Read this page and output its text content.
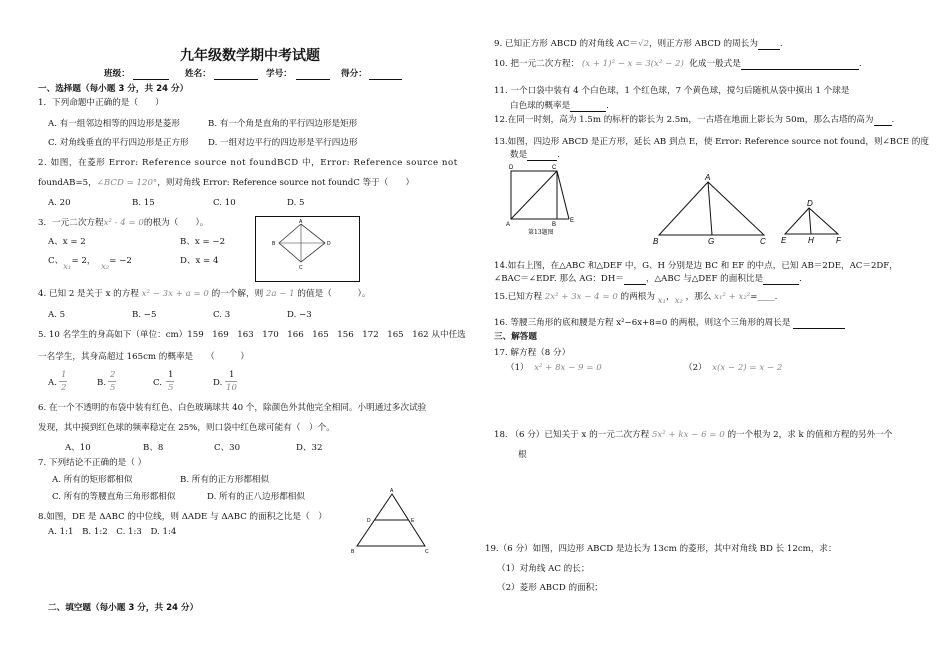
九年级数学期中考试题
班级：	姓名：	学号：	得分：
一、选择题（每小题 3 分，共 24 分）
1．下列命题中正确的是（　　）
A. 有一组邻边相等的四边形是菱形	B. 有一个角是直角的平行四边形是矩形
C. 对角线垂直的平行四边形是正方形 D. 一组对边平行的四边形是平行四边形
2. 如图，在菱形 Error: Reference source not foundBCD 中，Error: Reference source not
foundAB=5，∠BCD = 120°，则对角线 Error: Reference source not foundC 等于（　　）
A. 20	B. 15	C. 10	D. 5
3．一元二次方程x² - 4 = 0的根为（　　）。
A、x = 2	B、x = −2
C、x₁= 2，  x₂= −2	D、x = 4
A
B
C
D
4. 已知 2 是关于 x 的方程 x² − 3x + a = 0 的一个解，则 2a − 1 的值是（　　　）。
A. 5	B. −5	C. 3	D. −3
5. 10 名学生的身高如下（单位：cm）159　169　163　170　166　165　156　172　165　162 从中任选
一名学生，其身高超过 165cm 的概率是　　（　　　）
A.
1
2	B.
2
5	C.
1
5	D.
1
10
6. 在一个不透明的布袋中装有红色、白色玻璃球共 40 个，除颜色外其他完全相同。小明通过多次试验
发现，其中摸到红色球的频率稳定在 25%，则口袋中红色球可能有（　）个。
A、10	B、8	C、30	D、32
7. 下列结论不正确的是（ ）
A. 所有的矩形都相似	B. 所有的正方形都相似
C. 所有的等腰直角三角形都相似	D. 所有的正八边形都相似
8.如图，DE 是 ΔABC 的中位线，则 ΔADE 与 ΔABC 的面积之比是（　）
A. 1:1　B. 1:2　C. 1:3　D. 1:4
A
D	E
B	C
二、填空题（每小题 3 分，共 24 分）
9. 已知正方形 ABCD 的对角线 AC＝√2，则正方形 ABCD 的周长为	.
10. 把一元二次方程： (x + 1)² − x = 3(x² − 2) 化成一般式是	.
11. 一个口袋中装有 4 个白色球，1 个红色球，7 个黄色球，搅匀后随机从袋中摸出 1 个球是
白色球的概率是	.
12.在同一时刻，高为 1.5m 的标杆的影长为 2.5m，一古塔在地面上影长为 50m，那么古塔的高为 .
13.如图，四边形 ABCD 是正方形，延长 AB 到点 E，使 Error: Reference source not found，则∠BCE 的度
数是	.
D	C
A	B
E
第13题图
A
B	G	C
D
E	H	F
14.如右上图，在△ABC 和△DEF 中，G、H 分别是边 BC 和 EF 的中点，已知 AB＝2DE，AC＝2DF，
∠BAC＝∠EDF. 那么 AG：DH＝	，△ABC 与△DEF 的面积比是	.
15.已知方程 2x² + 3x − 4 = 0 的两根为 x₁，x₂ ，那么 x₁² + x₂²=____.
16. 等腰三角形的底和腰是方程 x²−6x+8=0 的两根，则这个三角形的周长是
三、解答题
17. 解方程（8 分）
（1） x² + 8x − 9 = 0	（2） x(x − 2) = x − 2
18. （6 分）已知关于 x 的一元二次方程 5x² + kx − 6 = 0 的一个根为 2，求 k 的值和方程的另外一个
根
19.（6 分）如图，四边形 ABCD 是边长为 13cm 的菱形，其中对角线 BD 长 12cm，求：
（1）对角线 AC 的长；
（2）菱形 ABCD 的面积；
